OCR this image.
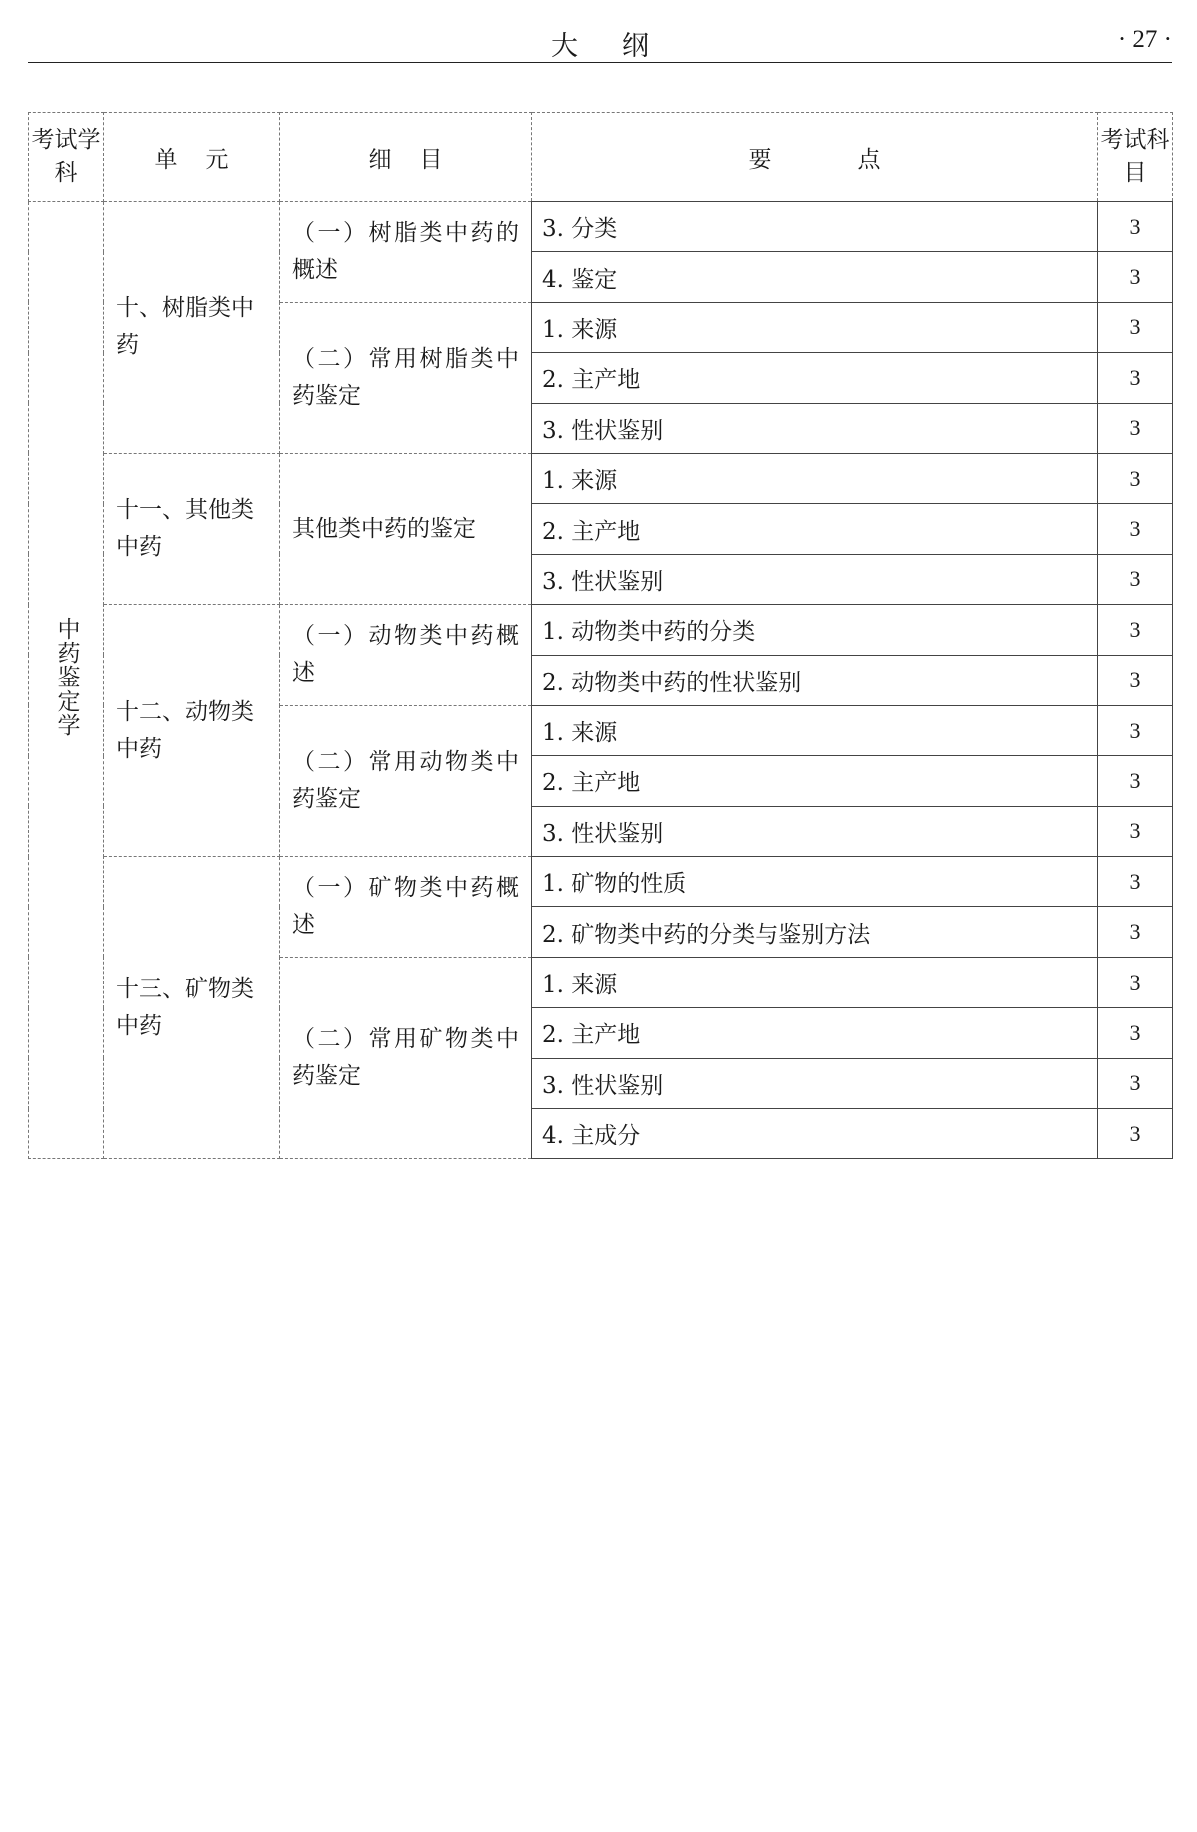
大纲	· 27 ·
考试学科	单元	细目	要点	考试科目
中药鉴定学	十、树脂类中药	（一）树脂类中药的概述	3. 分类	3
			4. 鉴定	3
		（二）常用树脂类中药鉴定	1. 来源	3
			2. 主产地	3
			3. 性状鉴别	3
	十一、其他类中药	其他类中药的鉴定	1. 来源	3
			2. 主产地	3
			3. 性状鉴别	3
	十二、动物类中药	（一）动物类中药概述	1. 动物类中药的分类	3
			2. 动物类中药的性状鉴别	3
		（二）常用动物类中药鉴定	1. 来源	3
			2. 主产地	3
			3. 性状鉴别	3
	十三、矿物类中药	（一）矿物类中药概述	1. 矿物的性质	3
			2. 矿物类中药的分类与鉴别方法	3
		（二）常用矿物类中药鉴定	1. 来源	3
			2. 主产地	3
			3. 性状鉴别	3
			4. 主成分	3
